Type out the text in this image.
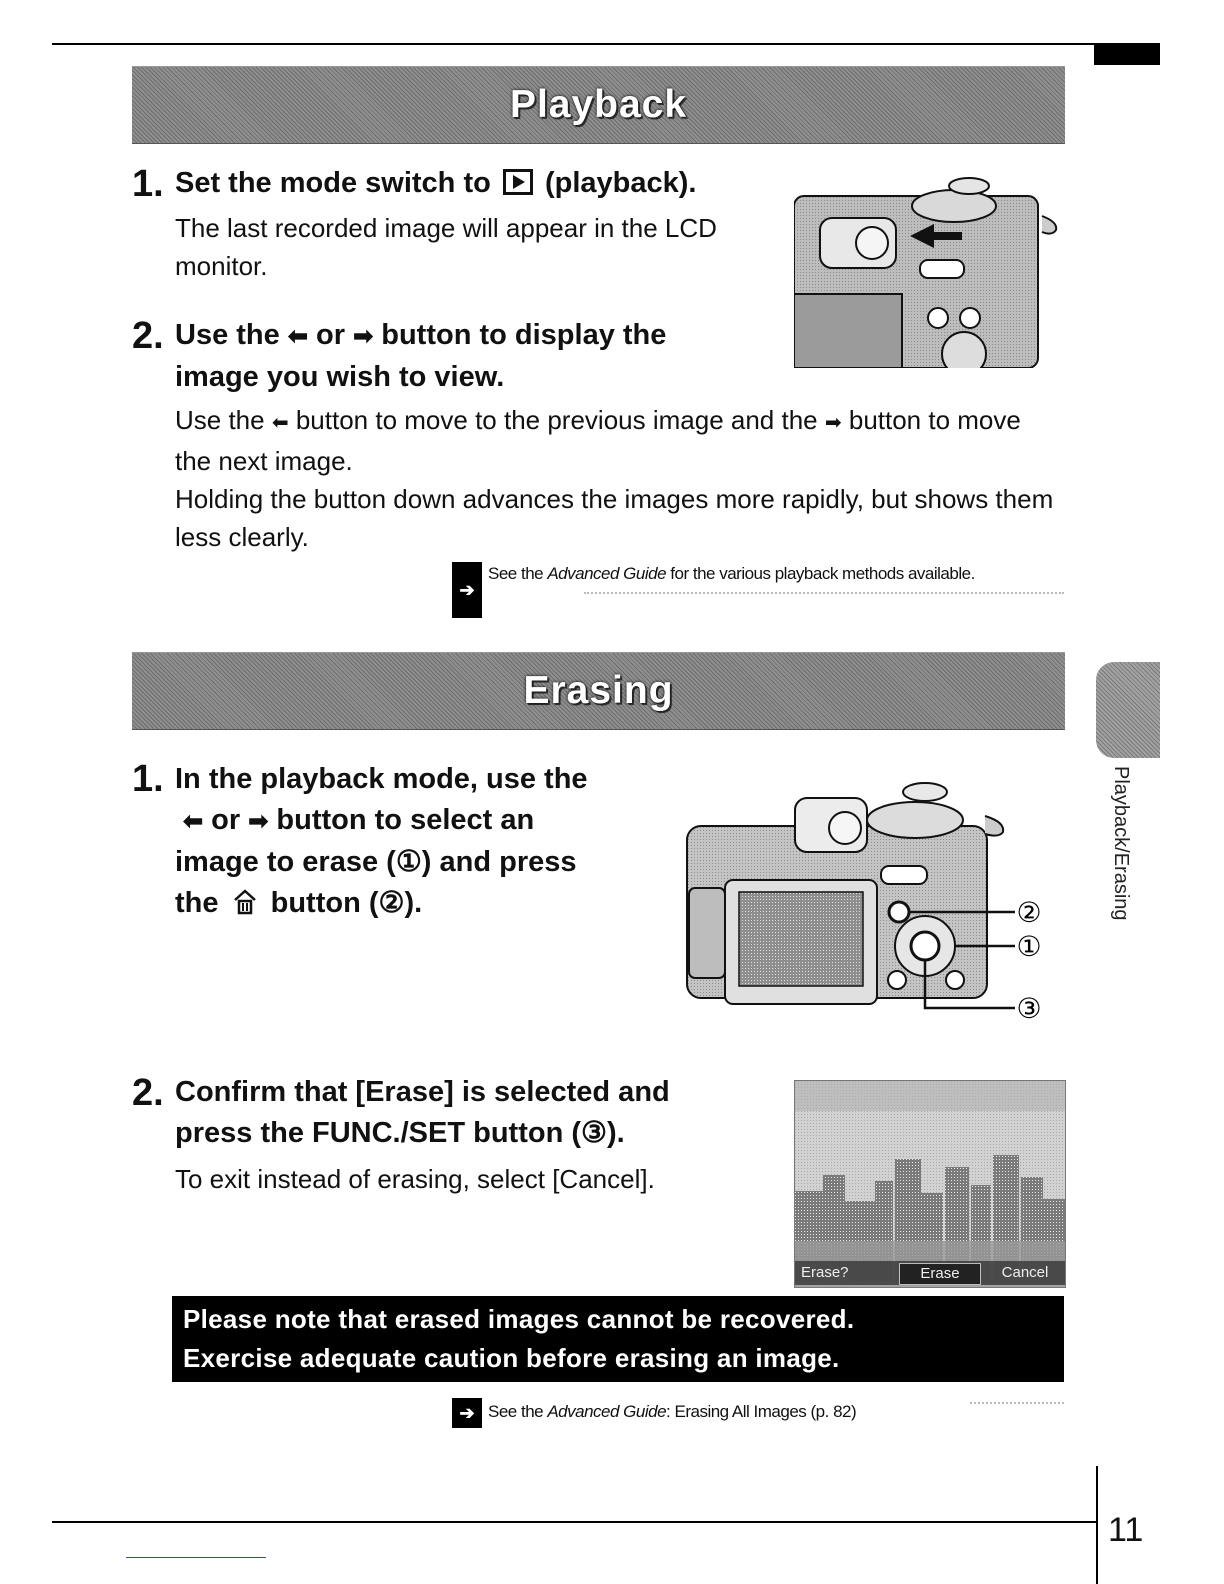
Playback
1. Set the mode switch to (playback).

The last recorded image will appear in the LCD monitor.

2. Use the ⬅ or ➡ button to display the
image you wish to view.

Use the ⬅ button to move to the previous image and the ➡ button to move the next image.
Holding the button down advances the images more rapidly, but shows them less clearly.

➔
See the Advanced Guide for the various playback methods available.
Erasing
Playback/Erasing
1. In the playback mode, use the
⬅ or ➡ button to select an
image to erase (①) and press
the button (②).	②
①
③
2. Confirm that [Erase] is selected and
press the FUNC./SET button (③).

To exit instead of erasing, select [Cancel].

Erase?	Erase	Cancel
Please note that erased images cannot be recovered.
Exercise adequate caution before erasing an image.
➔ See the Advanced Guide: Erasing All Images (p. 82)
11
